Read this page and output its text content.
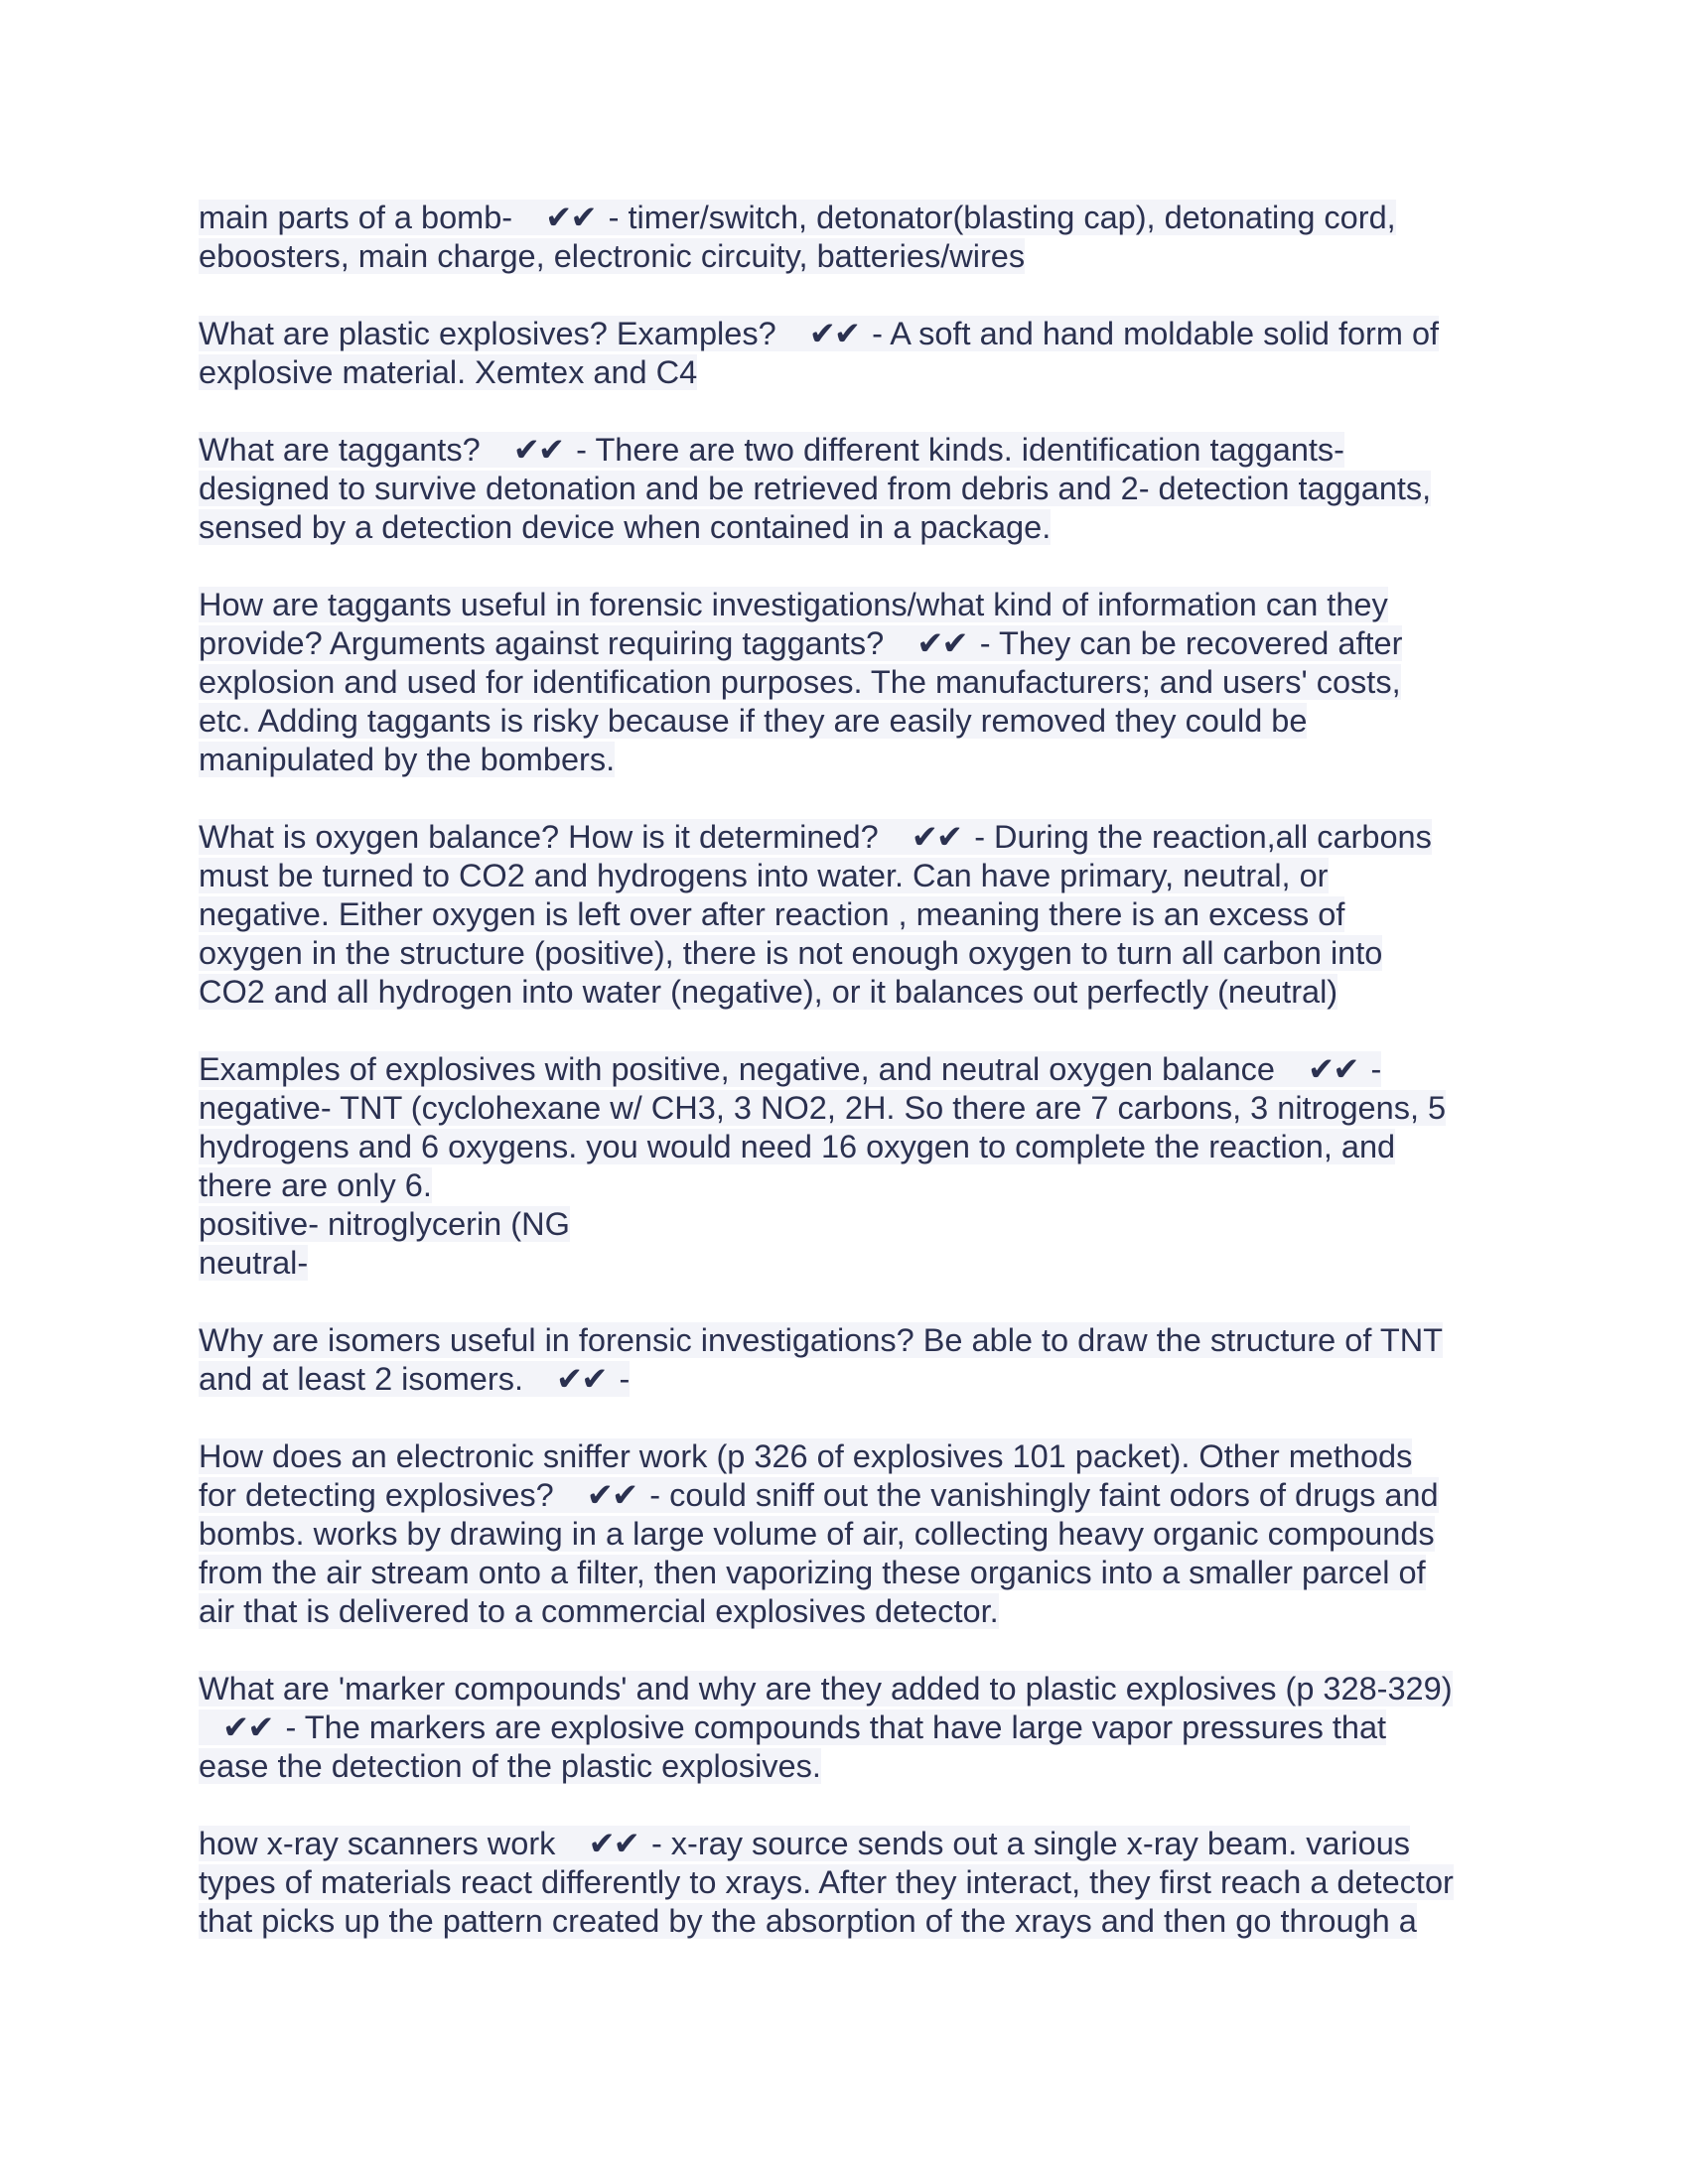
main parts of a bomb- ✔✔ - timer/switch, detonator(blasting cap), detonating cord,
eboosters, main charge, electronic circuity, batteries/wires
What are plastic explosives? Examples? ✔✔ - A soft and hand moldable solid form of
explosive material. Xemtex and C4
What are taggants? ✔✔ - There are two different kinds. identification taggants-
designed to survive detonation and be retrieved from debris and 2- detection taggants,
sensed by a detection device when contained in a package.
How are taggants useful in forensic investigations/what kind of information can they
provide? Arguments against requiring taggants? ✔✔ - They can be recovered after
explosion and used for identification purposes. The manufacturers; and users' costs,
etc. Adding taggants is risky because if they are easily removed they could be
manipulated by the bombers.
What is oxygen balance? How is it determined? ✔✔ - During the reaction,all carbons
must be turned to CO2 and hydrogens into water. Can have primary, neutral, or
negative. Either oxygen is left over after reaction , meaning there is an excess of
oxygen in the structure (positive), there is not enough oxygen to turn all carbon into
CO2 and all hydrogen into water (negative), or it balances out perfectly (neutral)
Examples of explosives with positive, negative, and neutral oxygen balance ✔✔ -
negative- TNT (cyclohexane w/ CH3, 3 NO2, 2H. So there are 7 carbons, 3 nitrogens, 5
hydrogens and 6 oxygens. you would need 16 oxygen to complete the reaction, and
there are only 6.
positive- nitroglycerin (NG
neutral-
Why are isomers useful in forensic investigations? Be able to draw the structure of TNT
and at least 2 isomers. ✔✔ -
How does an electronic sniffer work (p 326 of explosives 101 packet). Other methods
for detecting explosives? ✔✔ - could sniff out the vanishingly faint odors of drugs and
bombs. works by drawing in a large volume of air, collecting heavy organic compounds
from the air stream onto a filter, then vaporizing these organics into a smaller parcel of
air that is delivered to a commercial explosives detector.
What are 'marker compounds' and why are they added to plastic explosives (p 328-329)
✔✔ - The markers are explosive compounds that have large vapor pressures that
ease the detection of the plastic explosives.
how x-ray scanners work ✔✔ - x-ray source sends out a single x-ray beam. various
types of materials react differently to xrays. After they interact, they first reach a detector
that picks up the pattern created by the absorption of the xrays and then go through a
